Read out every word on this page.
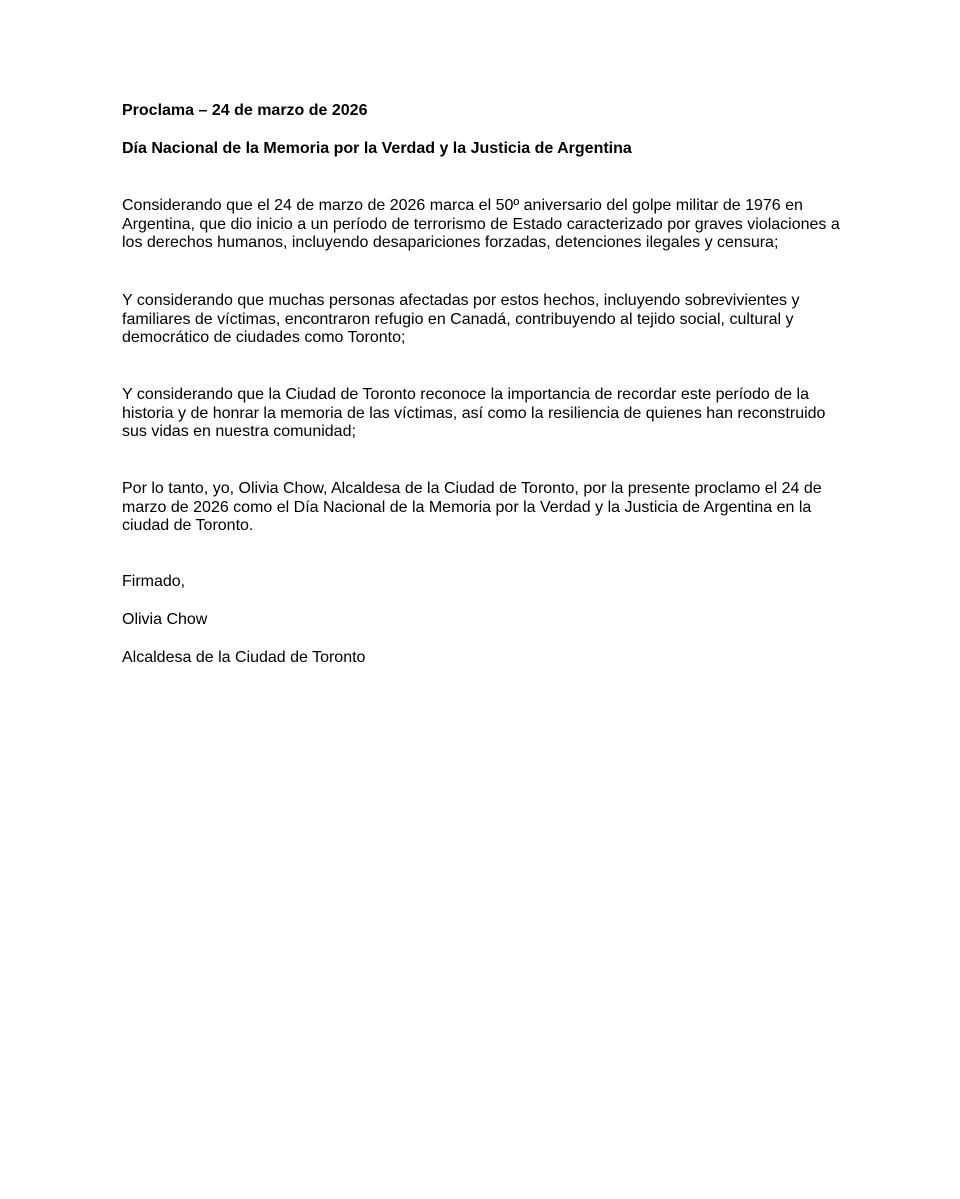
Proclama – 24 de marzo de 2026

Día Nacional de la Memoria por la Verdad y la Justicia de Argentina

Considerando que el 24 de marzo de 2026 marca el 50º aniversario del golpe militar de 1976 en Argentina, que dio inicio a un período de terrorismo de Estado caracterizado por graves violaciones a los derechos humanos, incluyendo desapariciones forzadas, detenciones ilegales y censura;

Y considerando que muchas personas afectadas por estos hechos, incluyendo sobrevivientes y familiares de víctimas, encontraron refugio en Canadá, contribuyendo al tejido social, cultural y democrático de ciudades como Toronto;

Y considerando que la Ciudad de Toronto reconoce la importancia de recordar este período de la historia y de honrar la memoria de las víctimas, así como la resiliencia de quienes han reconstruido sus vidas en nuestra comunidad;

Por lo tanto, yo, Olivia Chow, Alcaldesa de la Ciudad de Toronto, por la presente proclamo el 24 de marzo de 2026 como el Día Nacional de la Memoria por la Verdad y la Justicia de Argentina en la ciudad de Toronto.

Firmado,

Olivia Chow

Alcaldesa de la Ciudad de Toronto
